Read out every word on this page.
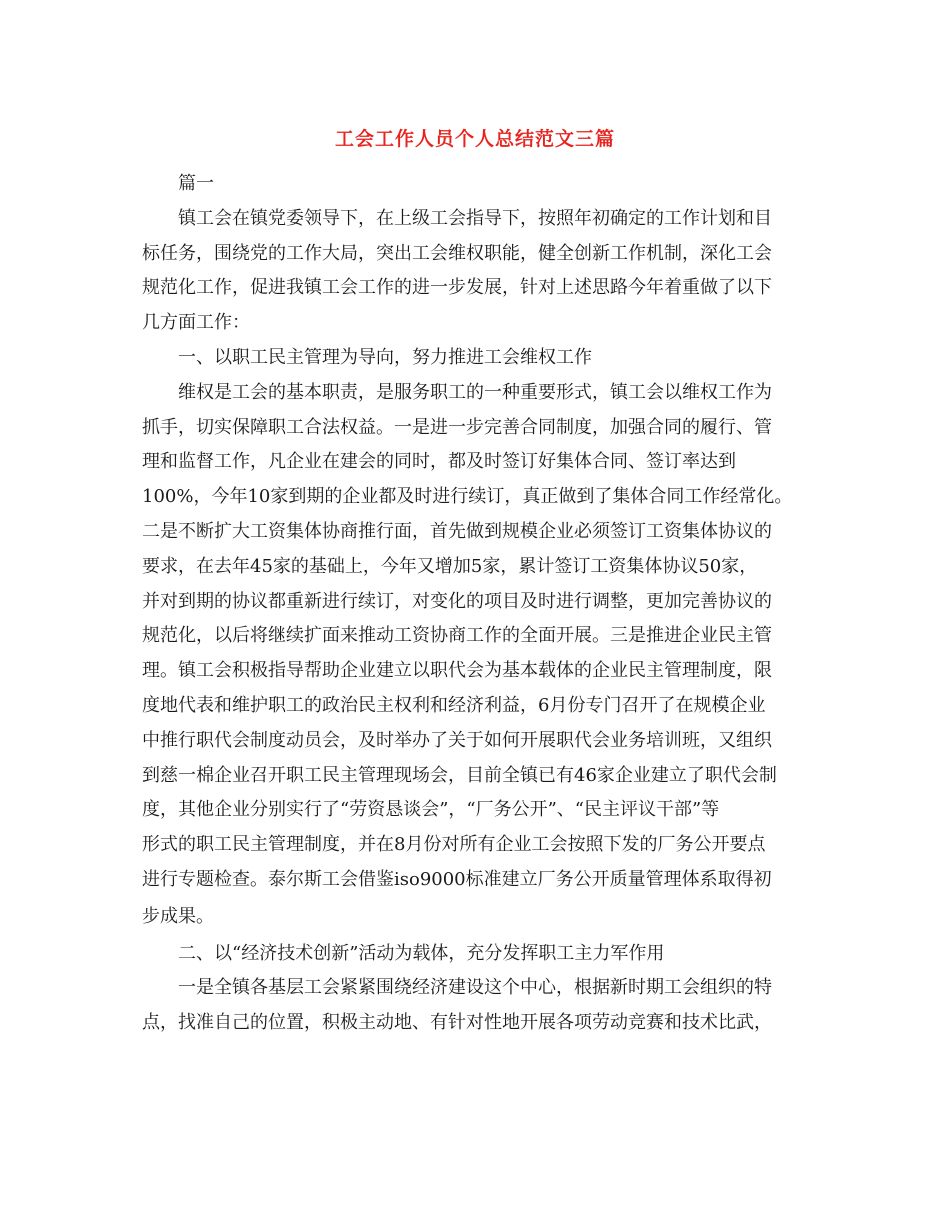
工会工作人员个人总结范文三篇
篇一
镇工会在镇党委领导下，在上级工会指导下，按照年初确定的工作计划和目
标任务，围绕党的工作大局，突出工会维权职能，健全创新工作机制，深化工会
规范化工作，促进我镇工会工作的进一步发展，针对上述思路今年着重做了以下
几方面工作：
一、以职工民主管理为导向，努力推进工会维权工作
维权是工会的基本职责，是服务职工的一种重要形式，镇工会以维权工作为
抓手，切实保障职工合法权益。一是进一步完善合同制度，加强合同的履行、管
理和监督工作，凡企业在建会的同时，都及时签订好集体合同、签订率达到
100%，今年10家到期的企业都及时进行续订，真正做到了集体合同工作经常化。
二是不断扩大工资集体协商推行面，首先做到规模企业必须签订工资集体协议的
要求，在去年45家的基础上，今年又增加5家，累计签订工资集体协议50家，
并对到期的协议都重新进行续订，对变化的项目及时进行调整，更加完善协议的
规范化，以后将继续扩面来推动工资协商工作的全面开展。三是推进企业民主管
理。镇工会积极指导帮助企业建立以职代会为基本载体的企业民主管理制度，限
度地代表和维护职工的政治民主权利和经济利益，6月份专门召开了在规模企业
中推行职代会制度动员会，及时举办了关于如何开展职代会业务培训班，又组织
到慈一棉企业召开职工民主管理现场会，目前全镇已有46家企业建立了职代会制
度，其他企业分别实行了“劳资恳谈会”，“厂务公开”、“民主评议干部”等
形式的职工民主管理制度，并在8月份对所有企业工会按照下发的厂务公开要点
进行专题检查。泰尔斯工会借鉴iso9000标准建立厂务公开质量管理体系取得初
步成果。
二、以“经济技术创新”活动为载体，充分发挥职工主力军作用
一是全镇各基层工会紧紧围绕经济建设这个中心，根据新时期工会组织的特
点，找准自己的位置，积极主动地、有针对性地开展各项劳动竞赛和技术比武，
